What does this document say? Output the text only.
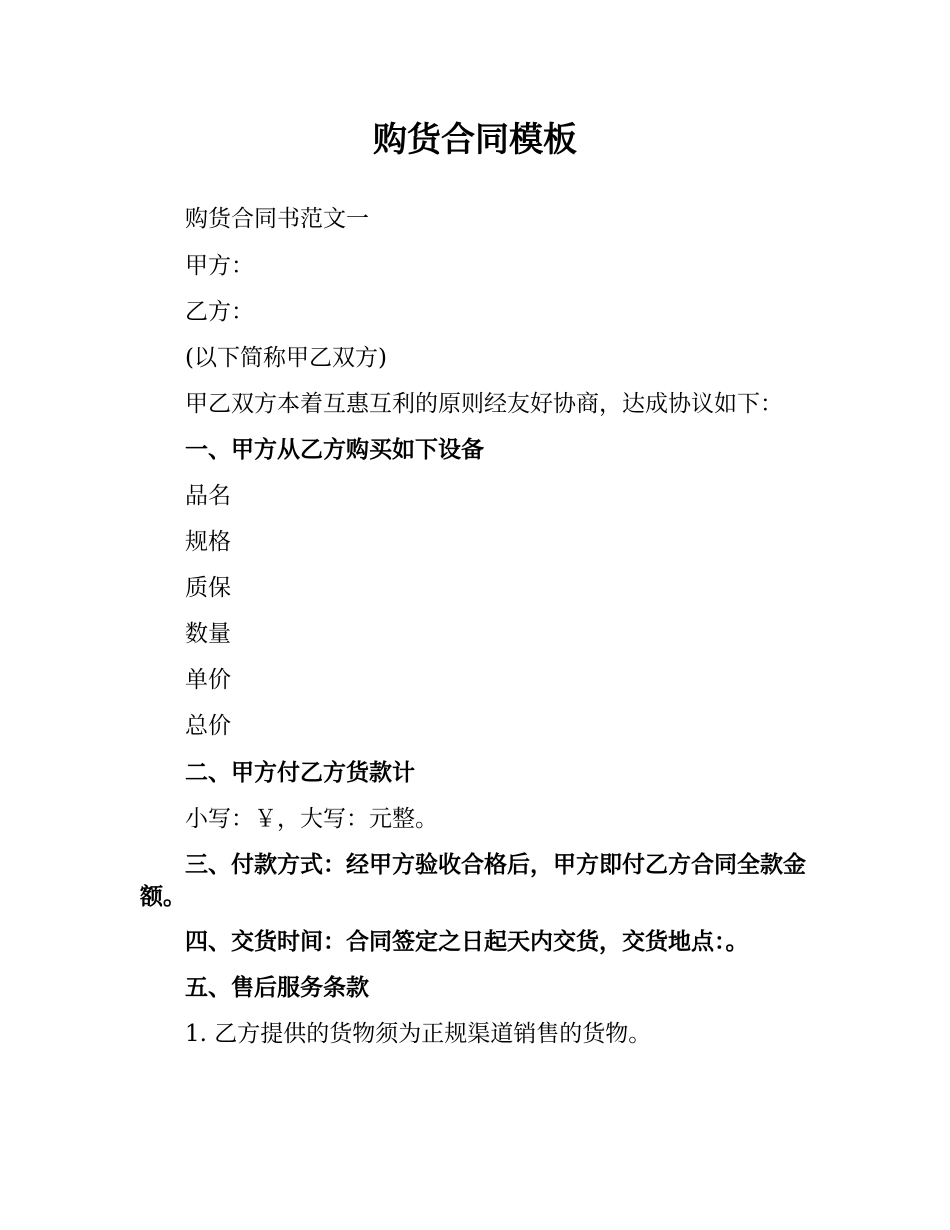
购货合同模板

购货合同书范文一

甲方：

乙方：

(以下简称甲乙双方)

甲乙双方本着互惠互利的原则经友好协商，达成协议如下：

一、甲方从乙方购买如下设备

品名

规格

质保

数量

单价

总价

二、甲方付乙方货款计

小写：￥，大写：元整。

三、付款方式：经甲方验收合格后，甲方即付乙方合同全款金额。

四、交货时间：合同签定之日起天内交货，交货地点：。

五、售后服务条款

1. 乙方提供的货物须为正规渠道销售的货物。
